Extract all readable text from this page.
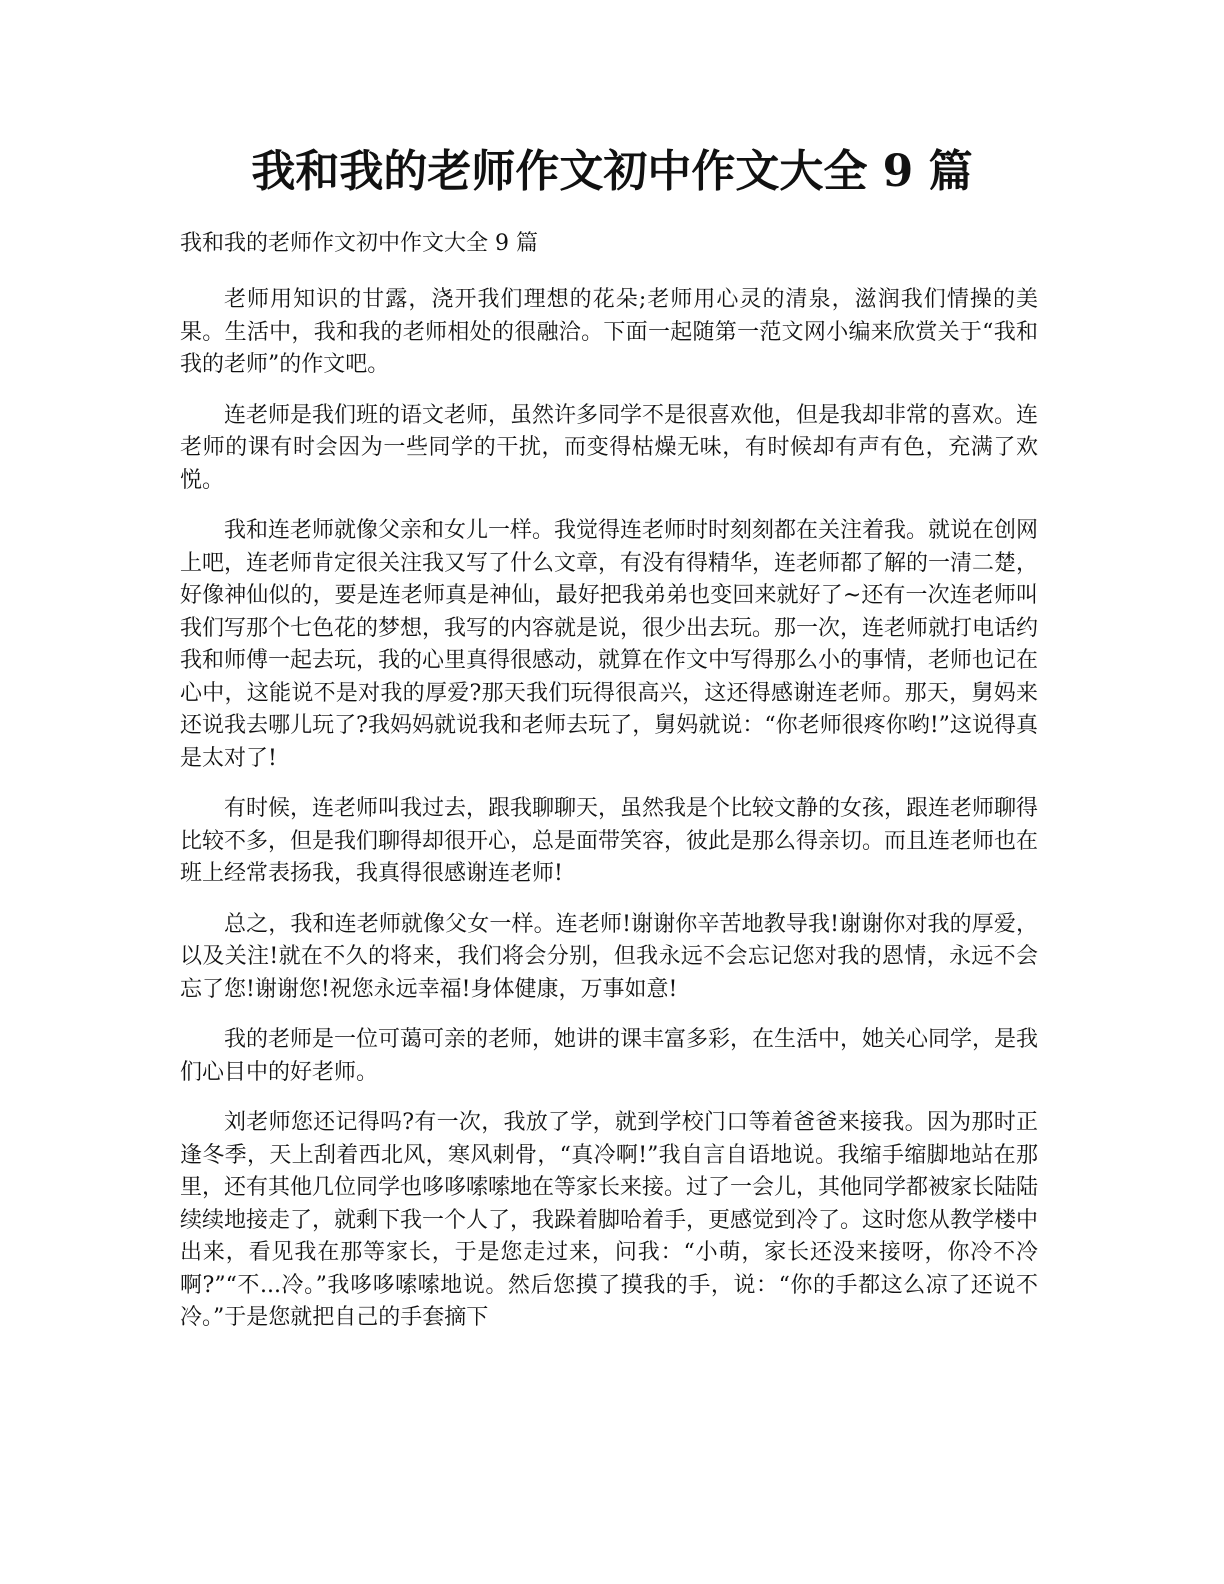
我和我的老师作文初中作文大全 9 篇

我和我的老师作文初中作文大全 9 篇

老师用知识的甘露，浇开我们理想的花朵;老师用心灵的清泉，滋润我们情操的美果。生活中，我和我的老师相处的很融洽。下面一起随第一范文网小编来欣赏关于“我和我的老师”的作文吧。

连老师是我们班的语文老师，虽然许多同学不是很喜欢他，但是我却非常的喜欢。连老师的课有时会因为一些同学的干扰，而变得枯燥无味，有时候却有声有色，充满了欢悦。

我和连老师就像父亲和女儿一样。我觉得连老师时时刻刻都在关注着我。就说在创网上吧，连老师肯定很关注我又写了什么文章，有没有得精华，连老师都了解的一清二楚，好像神仙似的，要是连老师真是神仙，最好把我弟弟也变回来就好了~还有一次连老师叫我们写那个七色花的梦想，我写的内容就是说，很少出去玩。那一次，连老师就打电话约我和师傅一起去玩，我的心里真得很感动，就算在作文中写得那么小的事情，老师也记在心中，这能说不是对我的厚爱?那天我们玩得很高兴，这还得感谢连老师。那天，舅妈来还说我去哪儿玩了?我妈妈就说我和老师去玩了，舅妈就说：“你老师很疼你哟!”这说得真是太对了!

有时候，连老师叫我过去，跟我聊聊天，虽然我是个比较文静的女孩，跟连老师聊得比较不多，但是我们聊得却很开心，总是面带笑容，彼此是那么得亲切。而且连老师也在班上经常表扬我，我真得很感谢连老师!

总之，我和连老师就像父女一样。连老师!谢谢你辛苦地教导我!谢谢你对我的厚爱，以及关注!就在不久的将来，我们将会分别，但我永远不会忘记您对我的恩情，永远不会忘了您!谢谢您!祝您永远幸福!身体健康，万事如意!

我的老师是一位可蔼可亲的老师，她讲的课丰富多彩，在生活中，她关心同学，是我们心目中的好老师。

刘老师您还记得吗?有一次，我放了学，就到学校门口等着爸爸来接我。因为那时正逢冬季，天上刮着西北风，寒风刺骨，“真冷啊!”我自言自语地说。我缩手缩脚地站在那里，还有其他几位同学也哆哆嗦嗦地在等家长来接。过了一会儿，其他同学都被家长陆陆续续地接走了，就剩下我一个人了，我跺着脚哈着手，更感觉到冷了。这时您从教学楼中出来，看见我在那等家长，于是您走过来，问我：“小萌，家长还没来接呀，你冷不冷啊?”“不...冷。”我哆哆嗦嗦地说。然后您摸了摸我的手，说：“你的手都这么凉了还说不冷。”于是您就把自己的手套摘下
